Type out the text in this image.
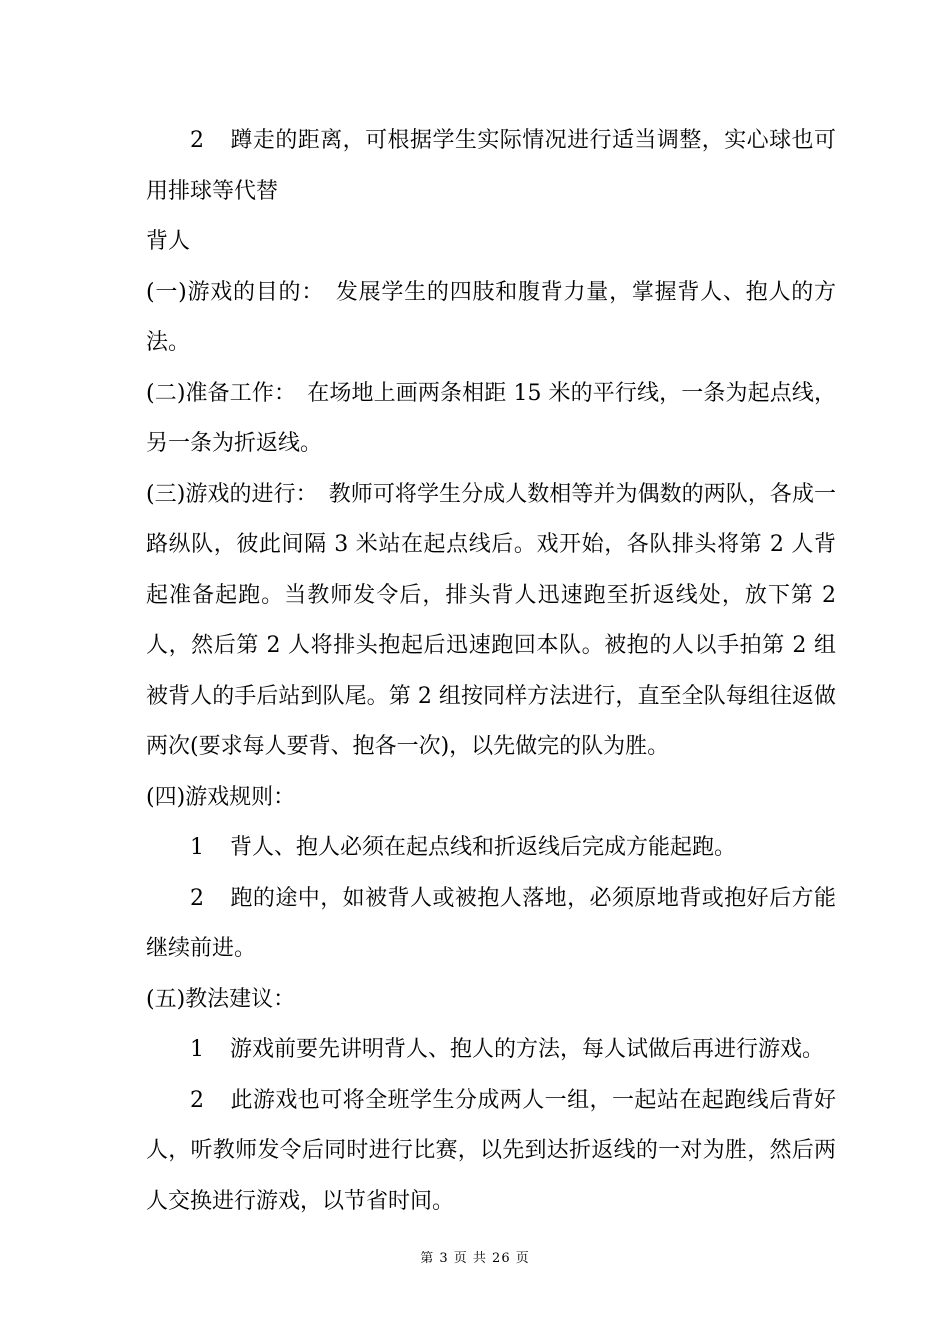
2 蹲走的距离，可根据学生实际情况进行适当调整，实心球也可用排球等代替

背人

(一)游戏的目的：　发展学生的四肢和腹背力量，掌握背人、抱人的方法。

(二)准备工作：　在场地上画两条相距 15 米的平行线，一条为起点线，另一条为折返线。

(三)游戏的进行：　教师可将学生分成人数相等并为偶数的两队，各成一路纵队，彼此间隔 3 米站在起点线后。戏开始，各队排头将第 2 人背起准备起跑。当教师发令后，排头背人迅速跑至折返线处，放下第 2 人，然后第 2 人将排头抱起后迅速跑回本队。被抱的人以手拍第 2 组被背人的手后站到队尾。第 2 组按同样方法进行，直至全队每组往返做两次(要求每人要背、抱各一次)，以先做完的队为胜。

(四)游戏规则：

1 背人、抱人必须在起点线和折返线后完成方能起跑。

2 跑的途中，如被背人或被抱人落地，必须原地背或抱好后方能继续前进。

(五)教法建议：

1 游戏前要先讲明背人、抱人的方法，每人试做后再进行游戏。

2 此游戏也可将全班学生分成两人一组，一起站在起跑线后背好人，听教师发令后同时进行比赛，以先到达折返线的一对为胜，然后两人交换进行游戏，以节省时间。

第 3 页 共 26 页
